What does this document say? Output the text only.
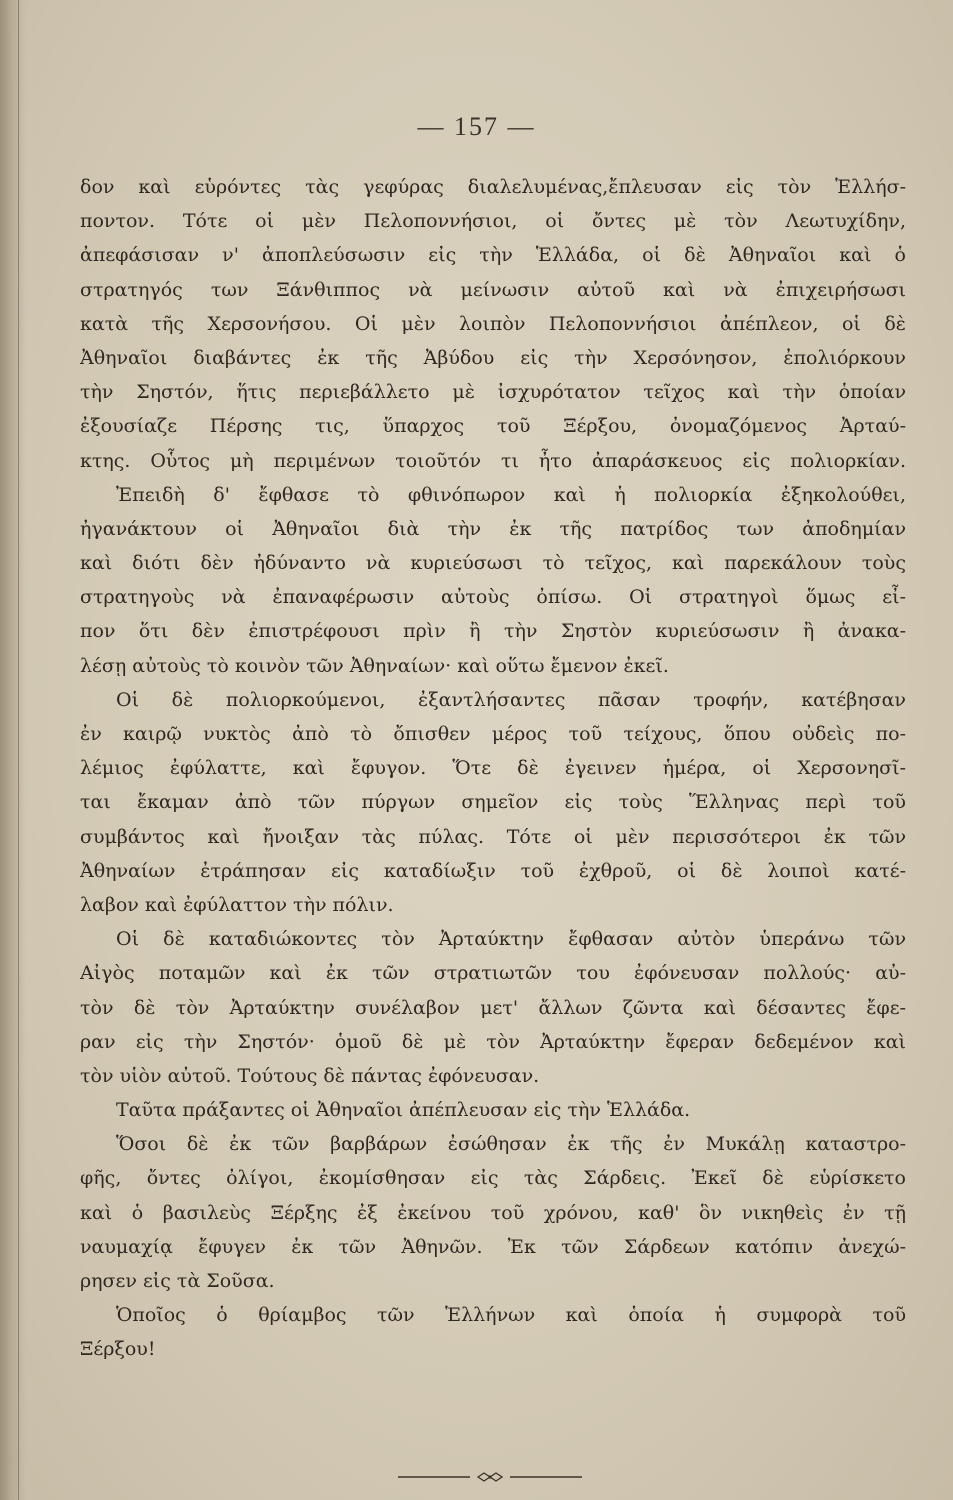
— 157 —
δον καὶ εὑρόντες τὰς γεφύρας διαλελυμένας,ἔπλευσαν εἰς τὸν Ἑλλήσ-
ποντον. Τότε οἱ μὲν Πελοποννήσιοι, οἱ ὄντες μὲ τὸν Λεωτυχίδην,
ἀπεφάσισαν ν' ἀποπλεύσωσιν εἰς τὴν Ἑλλάδα, οἱ δὲ Ἀθηναῖοι καὶ ὁ
στρατηγός των Ξάνθιππος νὰ μείνωσιν αὐτοῦ καὶ νὰ ἐπιχειρήσωσι
κατὰ τῆς Χερσονήσου. Οἱ μὲν λοιπὸν Πελοποννήσιοι ἀπέπλεον, οἱ δὲ
Ἀθηναῖοι διαβάντες ἐκ τῆς Ἀβύδου εἰς τὴν Χερσόνησον, ἐπολιόρκουν
τὴν Σηστόν, ἥτις περιεβάλλετο μὲ ἰσχυρότατον τεῖχος καὶ τὴν ὁποίαν
ἐξουσίαζε Πέρσης τις, ὕπαρχος τοῦ Ξέρξου, ὀνομαζόμενος Ἀρταύ-
κτης. Οὗτος μὴ περιμένων τοιοῦτόν τι ἦτο ἀπαράσκευος εἰς πολιορκίαν.
Ἐπειδὴ δ' ἔφθασε τὸ φθινόπωρον καὶ ἡ πολιορκία ἐξηκολούθει,
ἠγανάκτουν οἱ Ἀθηναῖοι διὰ τὴν ἐκ τῆς πατρίδος των ἀποδημίαν
καὶ διότι δὲν ἠδύναντο νὰ κυριεύσωσι τὸ τεῖχος, καὶ παρεκάλουν τοὺς
στρατηγοὺς νὰ ἐπαναφέρωσιν αὐτοὺς ὀπίσω. Οἱ στρατηγοὶ ὅμως εἶ-
πον ὅτι δὲν ἐπιστρέφουσι πρὶν ἢ τὴν Σηστὸν κυριεύσωσιν ἢ ἀνακα-
λέσῃ αὐτοὺς τὸ κοινὸν τῶν Ἀθηναίων· καὶ οὕτω ἔμενον ἐκεῖ.
Οἱ δὲ πολιορκούμενοι, ἐξαντλήσαντες πᾶσαν τροφήν, κατέβησαν
ἐν καιρῷ νυκτὸς ἀπὸ τὸ ὄπισθεν μέρος τοῦ τείχους, ὅπου οὐδεὶς πο-
λέμιος ἐφύλαττε, καὶ ἔφυγον. Ὅτε δὲ ἐγεινεν ἡμέρα, οἱ Χερσονησῖ-
ται ἔκαμαν ἀπὸ τῶν πύργων σημεῖον εἰς τοὺς Ἕλληνας περὶ τοῦ
συμβάντος καὶ ἤνοιξαν τὰς πύλας. Τότε οἱ μὲν περισσότεροι ἐκ τῶν
Ἀθηναίων ἐτράπησαν εἰς καταδίωξιν τοῦ ἐχθροῦ, οἱ δὲ λοιποὶ κατέ-
λαβον καὶ ἐφύλαττον τὴν πόλιν.
Οἱ δὲ καταδιώκοντες τὸν Ἀρταύκτην ἔφθασαν αὐτὸν ὑπεράνω τῶν
Αἰγὸς ποταμῶν καὶ ἐκ τῶν στρατιωτῶν του ἐφόνευσαν πολλούς· αὐ-
τὸν δὲ τὸν Ἀρταύκτην συνέλαβον μετ' ἄλλων ζῶντα καὶ δέσαντες ἔφε-
ραν εἰς τὴν Σηστόν· ὁμοῦ δὲ μὲ τὸν Ἀρταύκτην ἔφεραν δεδεμένον καὶ
τὸν υἱὸν αὐτοῦ. Τούτους δὲ πάντας ἐφόνευσαν.
Ταῦτα πράξαντες οἱ Ἀθηναῖοι ἀπέπλευσαν εἰς τὴν Ἑλλάδα.
Ὅσοι δὲ ἐκ τῶν βαρβάρων ἐσώθησαν ἐκ τῆς ἐν Μυκάλῃ καταστρο-
φῆς, ὄντες ὀλίγοι, ἐκομίσθησαν εἰς τὰς Σάρδεις. Ἐκεῖ δὲ εὑρίσκετο
καὶ ὁ βασιλεὺς Ξέρξης ἐξ ἐκείνου τοῦ χρόνου, καθ' ὃν νικηθεὶς ἐν τῇ
ναυμαχίᾳ ἔφυγεν ἐκ τῶν Ἀθηνῶν. Ἐκ τῶν Σάρδεων κατόπιν ἀνεχώ-
ρησεν εἰς τὰ Σοῦσα.
Ὁποῖος ὁ θρίαμβος τῶν Ἑλλήνων καὶ ὁποία ἡ συμφορὰ τοῦ
Ξέρξου!
